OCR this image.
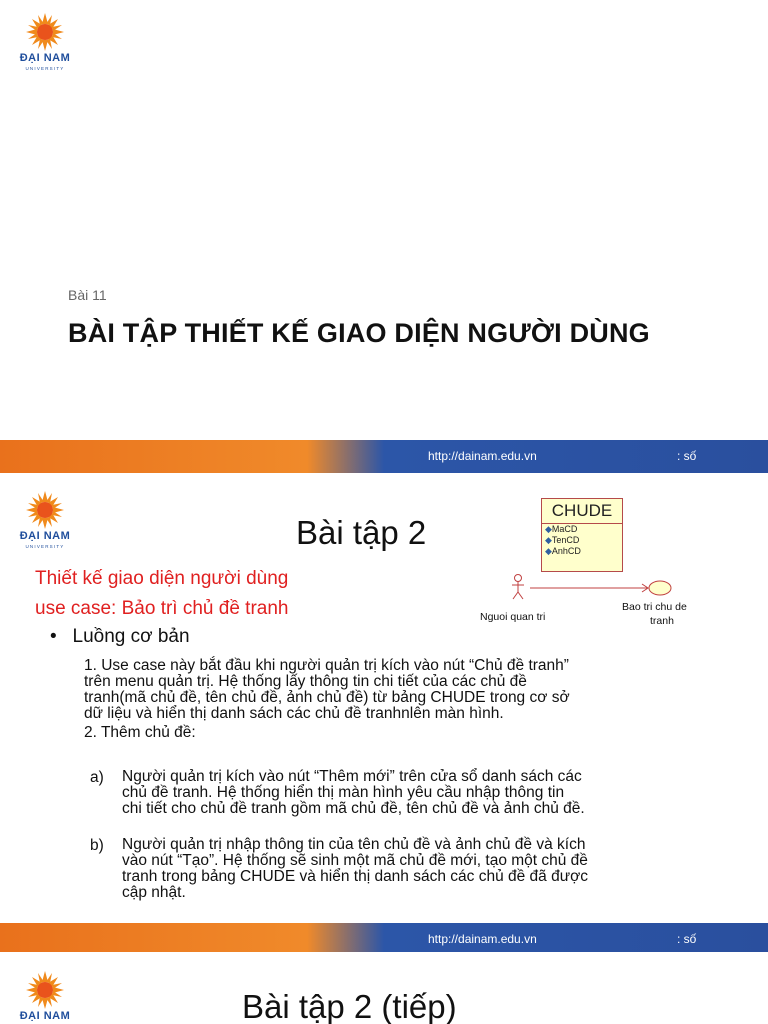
ĐẠI NAM
UNIVERSITY
Bài 11
BÀI TẬP THIẾT KẾ GIAO DIỆN NGƯỜI DÙNG
http://dainam.edu.vn	: số
ĐẠI NAM
UNIVERSITY	Bài tập 2
CHUDE
◆MaCD
◆TenCD
◆AnhCD
Nguoi quan tri
Bao tri chu de
tranh
Thiết kế giao diện người dùng
use case: Bảo trì chủ đề tranh
•   Luồng cơ bản
1. Use case này bắt đầu khi người quản trị kích vào nút “Chủ đề tranh”
trên menu quản trị. Hệ thống lấy thông tin chi tiết của các chủ đề
tranh(mã chủ đề, tên chủ đề, ảnh chủ đề) từ bảng CHUDE trong cơ sở
dữ liệu và hiển thị danh sách các chủ đề tranhnlên màn hình.
2. Thêm chủ đề:
a) Người quản trị kích vào nút “Thêm mới” trên cửa sổ danh sách các
chủ đề tranh. Hệ thống hiển thị màn hình yêu cầu nhập thông tin
chi tiết cho chủ đề tranh gồm mã chủ đề, tên chủ đề và ảnh chủ đề.
b) Người quản trị nhập thông tin của tên chủ đề và ảnh chủ đề và kích
vào nút “Tạo”. Hệ thống sẽ sinh một mã chủ đề mới, tạo một chủ đề
tranh trong bảng CHUDE và hiển thị danh sách các chủ đề đã được
cập nhật.
http://dainam.edu.vn	: số
ĐẠI NAM	Bài tập 2 (tiếp)
